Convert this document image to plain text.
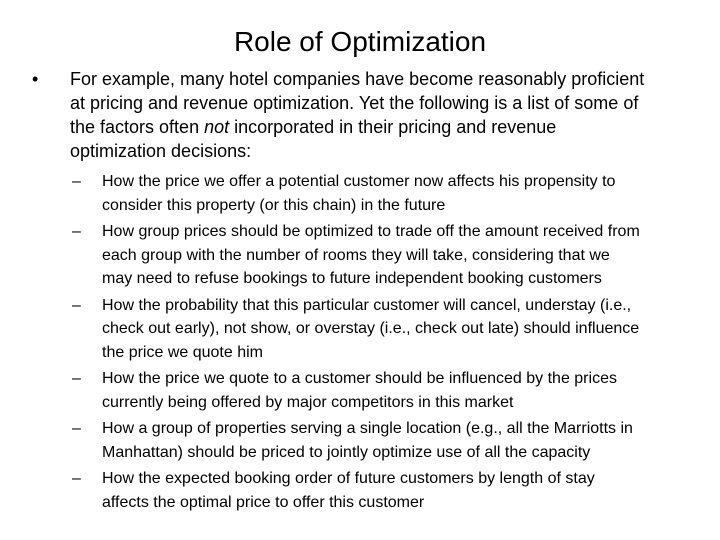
Role of Optimization
•	For example, many hotel companies have become reasonably proficient
at pricing and revenue optimization. Yet the following is a list of some of
the factors often not incorporated in their pricing and revenue
optimization decisions:
–	How the price we offer a potential customer now affects his propensity to
consider this property (or this chain) in the future
–	How group prices should be optimized to trade off the amount received from
each group with the number of rooms they will take, considering that we
may need to refuse bookings to future independent booking customers
–	How the probability that this particular customer will cancel, understay (i.e.,
check out early), not show, or overstay (i.e., check out late) should influence
the price we quote him
–	How the price we quote to a customer should be influenced by the prices
currently being offered by major competitors in this market
–	How a group of properties serving a single location (e.g., all the Marriotts in
Manhattan) should be priced to jointly optimize use of all the capacity
–	How the expected booking order of future customers by length of stay
affects the optimal price to offer this customer
